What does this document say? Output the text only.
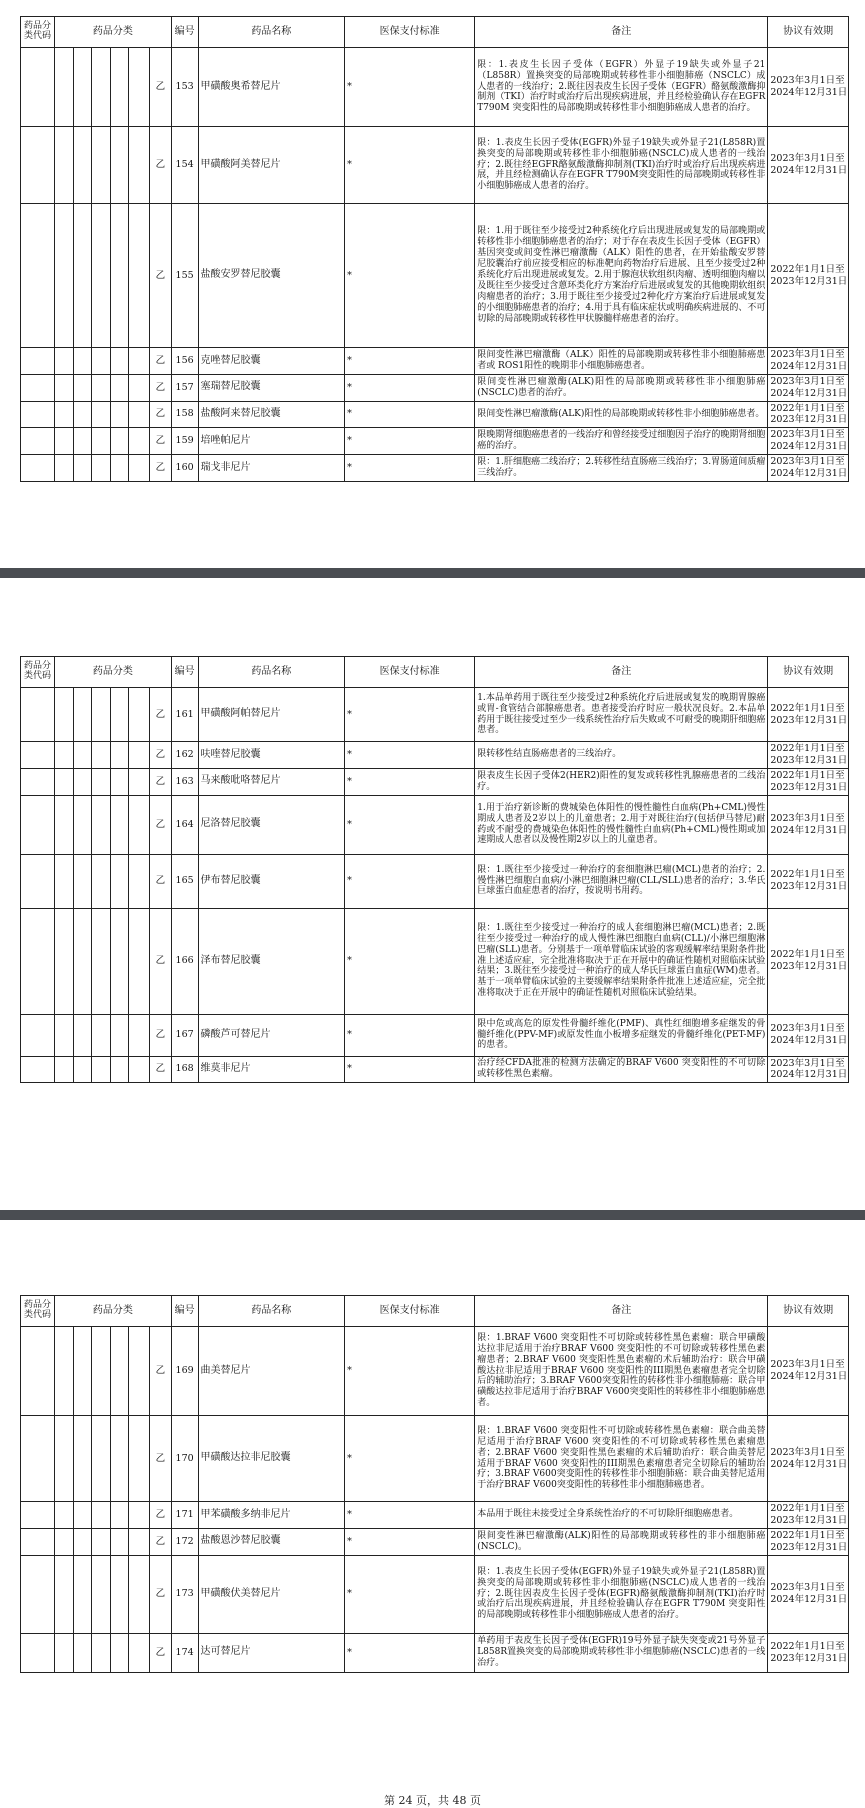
药品分类代码	药品分类						编号	药品名称	医保支付标准	备注	协议有效期
						乙	153	甲磺酸奥希替尼片	*	限：1.表皮生长因子受体（EGFR）外显子19缺失或外显子21（L858R）置换突变的局部晚期或转移性非小细胞肺癌（NSCLC）成人患者的一线治疗；2.既往因表皮生长因子受体（EGFR）酪氨酸激酶抑制剂（TKI）治疗时或治疗后出现疾病进展，并且经检验确认存在EGFR T790M 突变阳性的局部晚期或转移性非小细胞肺癌成人患者的治疗。	2023年3月1日至
2024年12月31日

						乙	154	甲磺酸阿美替尼片	*	限：1.表皮生长因子受体(EGFR)外显子19缺失或外显子21(L858R)置换突变的局部晚期或转移性非小细胞肺癌(NSCLC)成人患者的一线治疗；2.既往经EGFR酪氨酸激酶抑制剂(TKI)治疗时或治疗后出现疾病进展，并且经检测确认存在EGFR T790M突变阳性的局部晚期或转移性非小细胞肺癌成人患者的治疗。	2023年3月1日至
2024年12月31日

						乙	155	盐酸安罗替尼胶囊	*	限：1.用于既往至少接受过2种系统化疗后出现进展或复发的局部晚期或转移性非小细胞肺癌患者的治疗；对于存在表皮生长因子受体（EGFR）基因突变或间变性淋巴瘤激酶（ALK）阳性的患者，在开始盐酸安罗替尼胶囊治疗前应接受相应的标准靶向药物治疗后进展、且至少接受过2种系统化疗后出现进展或复发。2.用于腺泡状软组织肉瘤、透明细胞肉瘤以及既往至少接受过含蒽环类化疗方案治疗后进展或复发的其他晚期软组织肉瘤患者的治疗；3.用于既往至少接受过2种化疗方案治疗后进展或复发的小细胞肺癌患者的治疗；4.用于具有临床症状或明确疾病进展的、不可切除的局部晚期或转移性甲状腺髓样癌患者的治疗。	2022年1月1日至
2023年12月31日

						乙	156	克唑替尼胶囊	*	限间变性淋巴瘤激酶（ALK）阳性的局部晚期或转移性非小细胞肺癌患者或 ROS1阳性的晚期非小细胞肺癌患者。	2023年3月1日至
2024年12月31日

						乙	157	塞瑞替尼胶囊	*	限间变性淋巴瘤激酶(ALK)阳性的局部晚期或转移性非小细胞肺癌(NSCLC)患者的治疗。	2023年3月1日至
2024年12月31日

						乙	158	盐酸阿来替尼胶囊	*	限间变性淋巴瘤激酶(ALK)阳性的局部晚期或转移性非小细胞肺癌患者。	2022年1月1日至
2023年12月31日

						乙	159	培唑帕尼片	*	限晚期肾细胞癌患者的一线治疗和曾经接受过细胞因子治疗的晚期肾细胞癌的治疗。	2023年3月1日至
2024年12月31日

						乙	160	瑞戈非尼片	*	限：1.肝细胞癌二线治疗；2.转移性结直肠癌三线治疗；3.胃肠道间质瘤三线治疗。	2023年3月1日至
2024年12月31日
药品分类代码	药品分类						编号	药品名称	医保支付标准	备注	协议有效期
						乙	161	甲磺酸阿帕替尼片	*	1.本品单药用于既往至少接受过2种系统化疗后进展或复发的晚期胃腺癌或胃-食管结合部腺癌患者。患者接受治疗时应一般状况良好。2.本品单药用于既往接受过至少一线系统性治疗后失败或不可耐受的晚期肝细胞癌患者。	2022年1月1日至
2023年12月31日

						乙	162	呋喹替尼胶囊	*	限转移性结直肠癌患者的三线治疗。	2022年1月1日至
2023年12月31日

						乙	163	马来酸吡咯替尼片	*	限表皮生长因子受体2(HER2)阳性的复发或转移性乳腺癌患者的二线治疗。	2022年1月1日至
2023年12月31日

						乙	164	尼洛替尼胶囊	*	1.用于治疗新诊断的费城染色体阳性的慢性髓性白血病(Ph+CML)慢性期成人患者及2岁以上的儿童患者；2.用于对既往治疗(包括伊马替尼)耐药或不耐受的费城染色体阳性的慢性髓性白血病(Ph+CML)慢性期或加速期成人患者以及慢性期2岁以上的儿童患者。	2023年3月1日至
2024年12月31日

						乙	165	伊布替尼胶囊	*	限：1.既往至少接受过一种治疗的套细胞淋巴瘤(MCL)患者的治疗；2.慢性淋巴细胞白血病/小淋巴细胞淋巴瘤(CLL/SLL)患者的治疗；3.华氏巨球蛋白血症患者的治疗，按说明书用药。	2022年1月1日至
2023年12月31日

						乙	166	泽布替尼胶囊	*	限：1.既往至少接受过一种治疗的成人套细胞淋巴瘤(MCL)患者；2.既往至少接受过一种治疗的成人慢性淋巴细胞白血病(CLL)/小淋巴细胞淋巴瘤(SLL)患者。分别基于一项单臂临床试验的客观缓解率结果附条件批准上述适应症，完全批准将取决于正在开展中的确证性随机对照临床试验结果；3.既往至少接受过一种治疗的成人华氏巨球蛋白血症(WM)患者。基于一项单臂临床试验的主要缓解率结果附条件批准上述适应症，完全批准将取决于正在开展中的确证性随机对照临床试验结果。	2022年1月1日至
2023年12月31日

						乙	167	磷酸芦可替尼片	*	限中危或高危的原发性骨髓纤维化(PMF)、真性红细胞增多症继发的骨髓纤维化(PPV-MF)或原发性血小板增多症继发的骨髓纤维化(PET-MF)的患者。	2023年3月1日至
2024年12月31日

						乙	168	维莫非尼片	*	治疗经CFDA批准的检测方法确定的BRAF V600 突变阳性的不可切除或转移性黑色素瘤。	2023年3月1日至
2024年12月31日
药品分类代码	药品分类						编号	药品名称	医保支付标准	备注	协议有效期
						乙	169	曲美替尼片	*	限：1.BRAF V600 突变阳性不可切除或转移性黑色素瘤：联合甲磺酸达拉非尼适用于治疗BRAF V600 突变阳性的不可切除或转移性黑色素瘤患者；2.BRAF V600 突变阳性黑色素瘤的术后辅助治疗：联合甲磺酸达拉非尼适用于BRAF V600 突变阳性的III期黑色素瘤患者完全切除后的辅助治疗；3.BRAF V600突变阳性的转移性非小细胞肺癌：联合甲磺酸达拉非尼适用于治疗BRAF V600突变阳性的转移性非小细胞肺癌患者。	2023年3月1日至
2024年12月31日

						乙	170	甲磺酸达拉非尼胶囊	*	限：1.BRAF V600 突变阳性不可切除或转移性黑色素瘤：联合曲美替尼适用于治疗BRAF V600 突变阳性的不可切除或转移性黑色素瘤患者；2.BRAF V600 突变阳性黑色素瘤的术后辅助治疗：联合曲美替尼适用于BRAF V600 突变阳性的III期黑色素瘤患者完全切除后的辅助治疗；3.BRAF V600突变阳性的转移性非小细胞肺癌：联合曲美替尼适用于治疗BRAF V600突变阳性的转移性非小细胞肺癌患者。	2023年3月1日至
2024年12月31日

						乙	171	甲苯磺酸多纳非尼片	*	本品用于既往未接受过全身系统性治疗的不可切除肝细胞癌患者。	2022年1月1日至
2023年12月31日

						乙	172	盐酸恩沙替尼胶囊	*	限间变性淋巴瘤激酶(ALK)阳性的局部晚期或转移性的非小细胞肺癌(NSCLC)。	2022年1月1日至
2023年12月31日

						乙	173	甲磺酸伏美替尼片	*	限：1.表皮生长因子受体(EGFR)外显子19缺失或外显子21(L858R)置换突变的局部晚期或转移性非小细胞肺癌(NSCLC)成人患者的一线治疗；2.既往因表皮生长因子受体(EGFR)酪氨酸激酶抑制剂(TKI)治疗时或治疗后出现疾病进展，并且经检验确认存在EGFR T790M 突变阳性的局部晚期或转移性非小细胞肺癌成人患者的治疗。	2023年3月1日至
2024年12月31日

						乙	174	达可替尼片	*	单药用于表皮生长因子受体(EGFR)19号外显子缺失突变或21号外显子L858R置换突变的局部晚期或转移性非小细胞肺癌(NSCLC)患者的一线治疗。	2022年1月1日至
2023年12月31日
第 24 页，共 48 页
